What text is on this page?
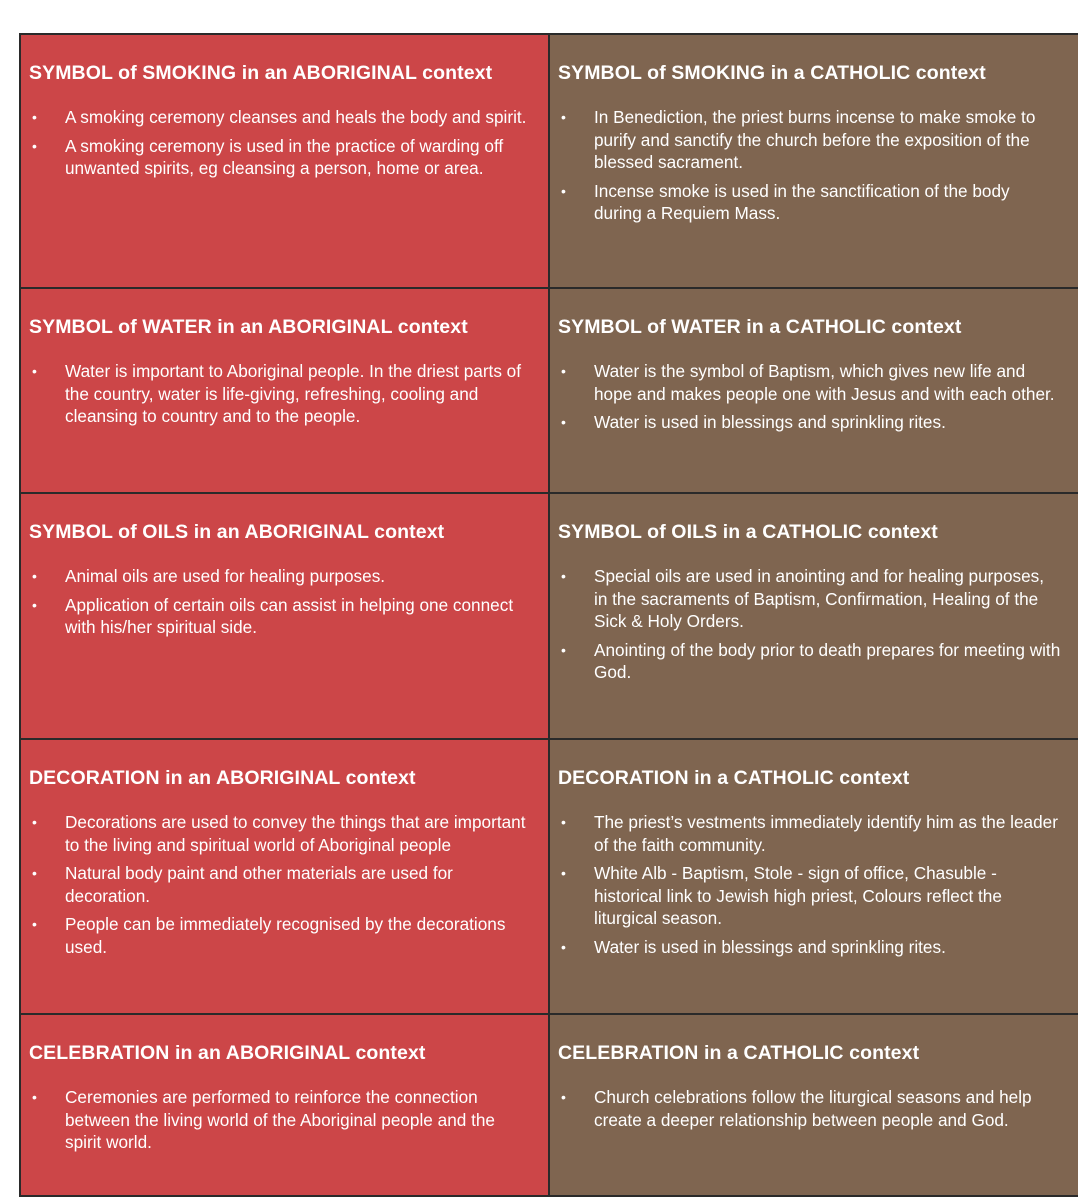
SYMBOL of SMOKING in an ABORIGINAL context
• A smoking ceremony cleanses and heals the body and spirit.
• A smoking ceremony is used in the practice of warding off unwanted spirits, eg cleansing a person, home or area.
SYMBOL of SMOKING in a CATHOLIC context
• In Benediction, the priest burns incense to make smoke to purify and sanctify the church before the exposition of the blessed sacrament.
• Incense smoke is used in the sanctification of the body during a Requiem Mass.
SYMBOL of WATER in an ABORIGINAL context
• Water is important to Aboriginal people. In the driest parts of the country, water is life-giving, refreshing, cooling and cleansing to country and to the people.
SYMBOL of WATER in a CATHOLIC context
• Water is the symbol of Baptism, which gives new life and hope and makes people one with Jesus and with each other.
• Water is used in blessings and sprinkling rites.
SYMBOL of OILS in an ABORIGINAL context
• Animal oils are used for healing purposes.
• Application of certain oils can assist in helping one connect with his/her spiritual side.
SYMBOL of OILS in a CATHOLIC context
• Special oils are used in anointing and for healing purposes, in the sacraments of Baptism, Confirmation, Healing of the Sick & Holy Orders.
• Anointing of the body prior to death prepares for meeting with God.
DECORATION in an ABORIGINAL context
• Decorations are used to convey the things that are important to the living and spiritual world of Aboriginal people
• Natural body paint and other materials are used for decoration.
• People can be immediately recognised by the decorations used.
DECORATION in a CATHOLIC context
• The priest’s vestments immediately identify him as the leader of the faith community.
• White Alb - Baptism, Stole - sign of office, Chasuble - historical link to Jewish high priest, Colours reflect the liturgical season.
• Water is used in blessings and sprinkling rites.
CELEBRATION in an ABORIGINAL context
• Ceremonies are performed to reinforce the connection between the living world of the Aboriginal people and the spirit world.
CELEBRATION in a CATHOLIC context
• Church celebrations follow the liturgical seasons and help create a deeper relationship between people and God.
